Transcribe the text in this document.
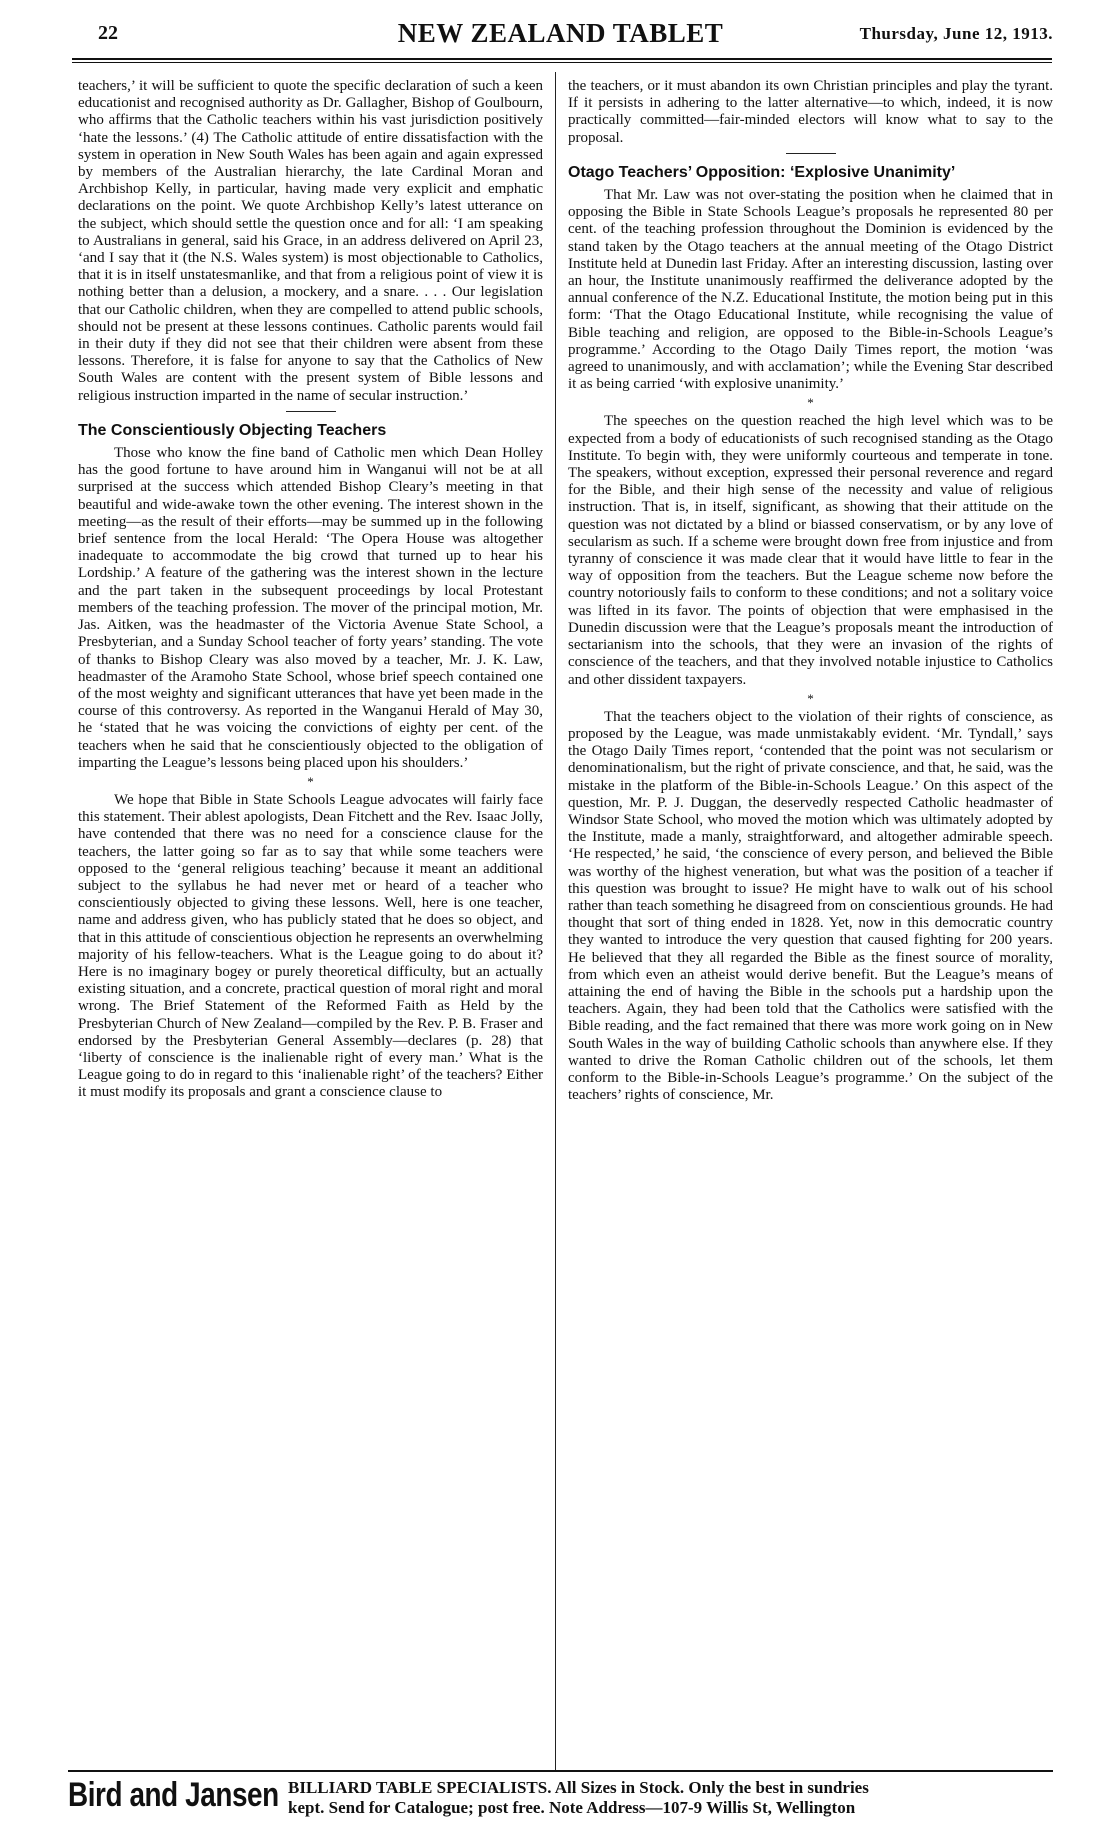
22	NEW ZEALAND TABLET	Thursday, June 12, 1913.

teachers,’ it will be sufficient to quote the specific declaration of such a keen educationist and recognised authority as Dr. Gallagher, Bishop of Goulbourn, who affirms that the Catholic teachers within his vast jurisdiction positively ‘hate the lessons.’ (4) The Catholic attitude of entire dissatisfaction with the system in operation in New South Wales has been again and again expressed by members of the Australian hierarchy, the late Cardinal Moran and Archbishop Kelly, in particular, having made very explicit and emphatic declarations on the point. We quote Archbishop Kelly’s latest utterance on the subject, which should settle the question once and for all: ‘I am speaking to Australians in general, said his Grace, in an address delivered on April 23, ‘and I say that it (the N.S. Wales system) is most objectionable to Catholics, that it is in itself unstatesmanlike, and that from a religious point of view it is nothing better than a delusion, a mockery, and a snare. . . . Our legislation that our Catholic children, when they are compelled to attend public schools, should not be present at these lessons continues. Catholic parents would fail in their duty if they did not see that their children were absent from these lessons. Therefore, it is false for anyone to say that the Catholics of New South Wales are content with the present system of Bible lessons and religious instruction imparted in the name of secular instruction.’

The Conscientiously Objecting Teachers

Those who know the fine band of Catholic men which Dean Holley has the good fortune to have around him in Wanganui will not be at all surprised at the success which attended Bishop Cleary’s meeting in that beautiful and wide-awake town the other evening. The interest shown in the meeting—as the result of their efforts—may be summed up in the following brief sentence from the local Herald: ‘The Opera House was altogether inadequate to accommodate the big crowd that turned up to hear his Lordship.’ A feature of the gathering was the interest shown in the lecture and the part taken in the subsequent proceedings by local Protestant members of the teaching profession. The mover of the principal motion, Mr. Jas. Aitken, was the headmaster of the Victoria Avenue State School, a Presbyterian, and a Sunday School teacher of forty years’ standing. The vote of thanks to Bishop Cleary was also moved by a teacher, Mr. J. K. Law, headmaster of the Aramoho State School, whose brief speech contained one of the most weighty and significant utterances that have yet been made in the course of this controversy. As reported in the Wanganui Herald of May 30, he ‘stated that he was voicing the convictions of eighty per cent. of the teachers when he said that he conscientiously objected to the obligation of imparting the League’s lessons being placed upon his shoulders.’

*

We hope that Bible in State Schools League advocates will fairly face this statement. Their ablest apologists, Dean Fitchett and the Rev. Isaac Jolly, have contended that there was no need for a conscience clause for the teachers, the latter going so far as to say that while some teachers were opposed to the ‘general religious teaching’ because it meant an additional subject to the syllabus he had never met or heard of a teacher who conscientiously objected to giving these lessons. Well, here is one teacher, name and address given, who has publicly stated that he does so object, and that in this attitude of conscientious objection he represents an overwhelming majority of his fellow-teachers. What is the League going to do about it? Here is no imaginary bogey or purely theoretical difficulty, but an actually existing situation, and a concrete, practical question of moral right and moral wrong. The Brief Statement of the Reformed Faith as Held by the Presbyterian Church of New Zealand—compiled by the Rev. P. B. Fraser and endorsed by the Presbyterian General Assembly—declares (p. 28) that ‘liberty of conscience is the inalienable right of every man.’ What is the League going to do in regard to this ‘inalienable right’ of the teachers? Either it must modify its proposals and grant a conscience clause to

the teachers, or it must abandon its own Christian principles and play the tyrant. If it persists in adhering to the latter alternative—to which, indeed, it is now practically committed—fair-minded electors will know what to say to the proposal.

Otago Teachers’ Opposition: ‘Explosive Unanimity’

That Mr. Law was not over-stating the position when he claimed that in opposing the Bible in State Schools League’s proposals he represented 80 per cent. of the teaching profession throughout the Dominion is evidenced by the stand taken by the Otago teachers at the annual meeting of the Otago District Institute held at Dunedin last Friday. After an interesting discussion, lasting over an hour, the Institute unanimously reaffirmed the deliverance adopted by the annual conference of the N.Z. Educational Institute, the motion being put in this form: ‘That the Otago Educational Institute, while recognising the value of Bible teaching and religion, are opposed to the Bible-in-Schools League’s programme.’ According to the Otago Daily Times report, the motion ‘was agreed to unanimously, and with acclamation’; while the Evening Star described it as being carried ‘with explosive unanimity.’

*

The speeches on the question reached the high level which was to be expected from a body of educationists of such recognised standing as the Otago Institute. To begin with, they were uniformly courteous and temperate in tone. The speakers, without exception, expressed their personal reverence and regard for the Bible, and their high sense of the necessity and value of religious instruction. That is, in itself, significant, as showing that their attitude on the question was not dictated by a blind or biassed conservatism, or by any love of secularism as such. If a scheme were brought down free from injustice and from tyranny of conscience it was made clear that it would have little to fear in the way of opposition from the teachers. But the League scheme now before the country notoriously fails to conform to these conditions; and not a solitary voice was lifted in its favor. The points of objection that were emphasised in the Dunedin discussion were that the League’s proposals meant the introduction of sectarianism into the schools, that they were an invasion of the rights of conscience of the teachers, and that they involved notable injustice to Catholics and other dissident taxpayers.

*

That the teachers object to the violation of their rights of conscience, as proposed by the League, was made unmistakably evident. ‘Mr. Tyndall,’ says the Otago Daily Times report, ‘contended that the point was not secularism or denominationalism, but the right of private conscience, and that, he said, was the mistake in the platform of the Bible-in-Schools League.’ On this aspect of the question, Mr. P. J. Duggan, the deservedly respected Catholic headmaster of Windsor State School, who moved the motion which was ultimately adopted by the Institute, made a manly, straightforward, and altogether admirable speech. ‘He respected,’ he said, ‘the conscience of every person, and believed the Bible was worthy of the highest veneration, but what was the position of a teacher if this question was brought to issue? He might have to walk out of his school rather than teach something he disagreed from on conscientious grounds. He had thought that sort of thing ended in 1828. Yet, now in this democratic country they wanted to introduce the very question that caused fighting for 200 years. He believed that they all regarded the Bible as the finest source of morality, from which even an atheist would derive benefit. But the League’s means of attaining the end of having the Bible in the schools put a hardship upon the teachers. Again, they had been told that the Catholics were satisfied with the Bible reading, and the fact remained that there was more work going on in New South Wales in the way of building Catholic schools than anywhere else. If they wanted to drive the Roman Catholic children out of the schools, let them conform to the Bible-in-Schools League’s programme.’ On the subject of the teachers’ rights of conscience, Mr.

Bird and Jansen BILLIARD TABLE SPECIALISTS. All Sizes in Stock. Only the best in sundries
kept. Send for Catalogue; post free. Note Address—107-9 Willis St, Wellington
